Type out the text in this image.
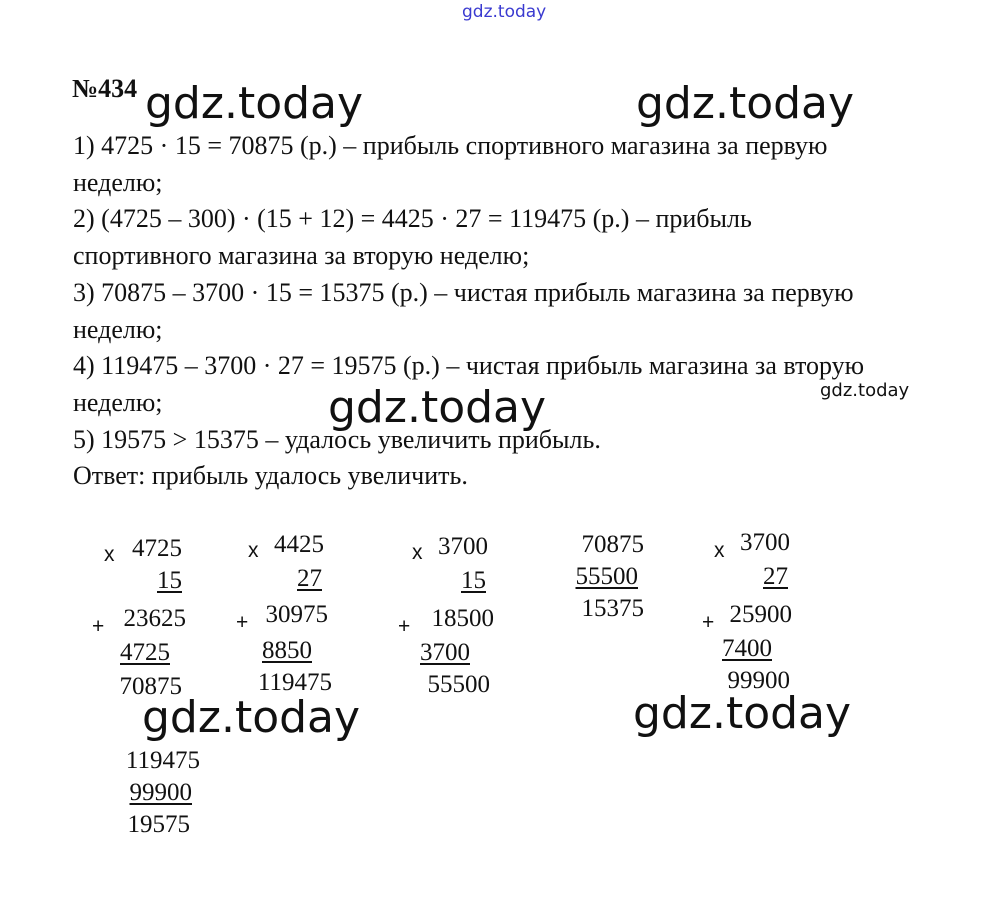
gdz.today
gdz.today	gdz.today
gdz.today	gdz.today
gdz.today	gdz.today
№434
1) 4725 · 15 = 70875 (р.) – прибыль спортивного магазина за первую
неделю;
2) (4725 – 300) · (15 + 12) = 4425 · 27 = 119475 (р.) – прибыль
спортивного магазина за вторую неделю;
3) 70875 – 3700 · 15 = 15375 (р.) – чистая прибыль магазина за первую
неделю;
4) 119475 – 3700 · 27 = 19575 (р.) – чистая прибыль магазина за вторую
неделю;
5) 19575 > 15375 – удалось увеличить прибыль.
Ответ: прибыль удалось увеличить.
x 4725
15
+ 23625
4725
70875
x 4425
27
+ 30975
8850
119475
x 3700
15
+ 18500
3700
55500
70875
55500
15375
x 3700
27
+ 25900
7400
99900
119475
99900
19575
